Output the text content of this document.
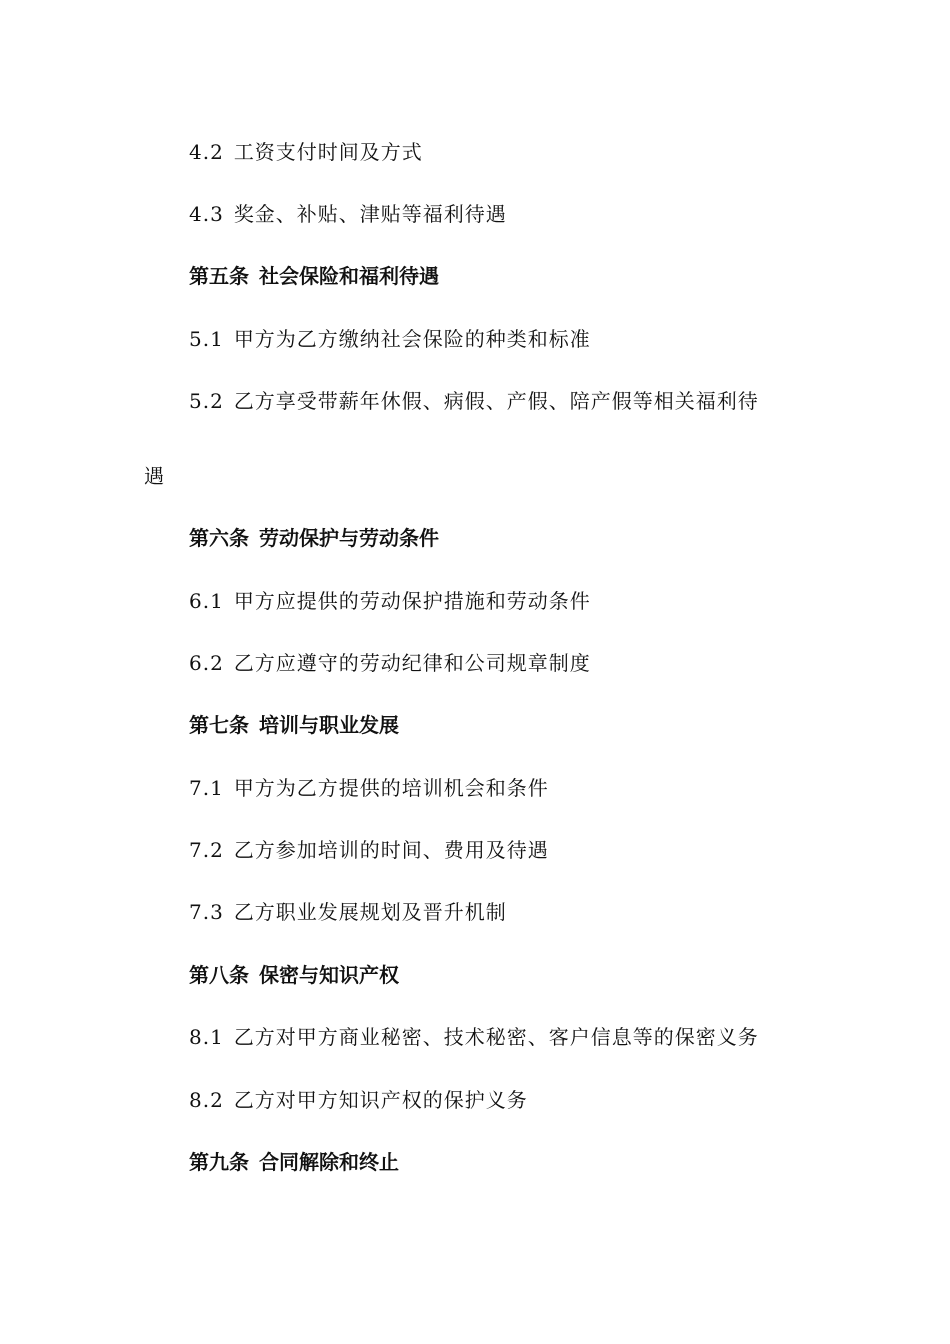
4.2 工资支付时间及方式
4.3 奖金、补贴、津贴等福利待遇
第五条 社会保险和福利待遇
5.1 甲方为乙方缴纳社会保险的种类和标准
5.2 乙方享受带薪年休假、病假、产假、陪产假等相关福利待
遇
第六条 劳动保护与劳动条件
6.1 甲方应提供的劳动保护措施和劳动条件
6.2 乙方应遵守的劳动纪律和公司规章制度
第七条 培训与职业发展
7.1 甲方为乙方提供的培训机会和条件
7.2 乙方参加培训的时间、费用及待遇
7.3 乙方职业发展规划及晋升机制
第八条 保密与知识产权
8.1 乙方对甲方商业秘密、技术秘密、客户信息等的保密义务
8.2 乙方对甲方知识产权的保护义务
第九条 合同解除和终止
